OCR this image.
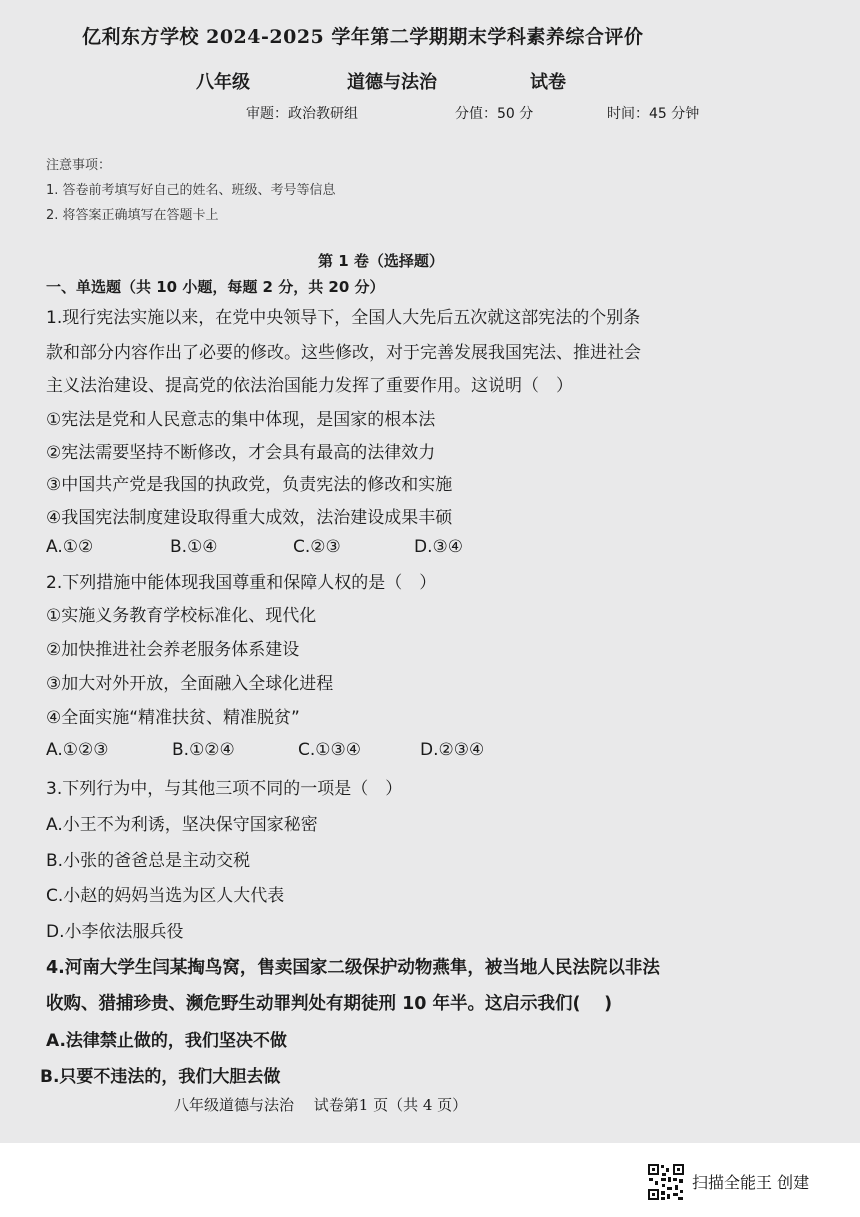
亿利东方学校 2024-2025 学年第二学期期末学科素养综合评价
八年级	道德与法治	试卷
审题：政治教研组	分值：50 分	时间：45 分钟
注意事项：
1. 答卷前考填写好自己的姓名、班级、考号等信息
2. 将答案正确填写在答题卡上
第 1 卷（选择题）
一、单选题（共 10 小题，每题 2 分，共 20 分）
1.现行宪法实施以来，在党中央领导下，全国人大先后五次就这部宪法的个别条
款和部分内容作出了必要的修改。这些修改，对于完善发展我国宪法、推进社会
主义法治建设、提高党的依法治国能力发挥了重要作用。这说明（　）
①宪法是党和人民意志的集中体现，是国家的根本法
②宪法需要坚持不断修改，才会具有最高的法律效力
③中国共产党是我国的执政党，负责宪法的修改和实施
④我国宪法制度建设取得重大成效，法治建设成果丰硕
A.①②	B.①④	C.②③	D.③④
2.下列措施中能体现我国尊重和保障人权的是（　）
①实施义务教育学校标准化、现代化
②加快推进社会养老服务体系建设
③加大对外开放，全面融入全球化进程
④全面实施“精准扶贫、精准脱贫”
A.①②③	B.①②④	C.①③④	D.②③④
3.下列行为中，与其他三项不同的一项是（　）
A.小王不为利诱，坚决保守国家秘密
B.小张的爸爸总是主动交税
C.小赵的妈妈当选为区人大代表
D.小李依法服兵役
4.河南大学生闫某掏鸟窝，售卖国家二级保护动物燕隼，被当地人民法院以非法
收购、猎捕珍贵、濒危野生动罪判处有期徒刑 10 年半。这启示我们(　 )
A.法律禁止做的，我们坚决不做
B.只要不违法的，我们大胆去做
八年级道德与法治　 试卷第1 页（共 4 页）
扫描全能王 创建
